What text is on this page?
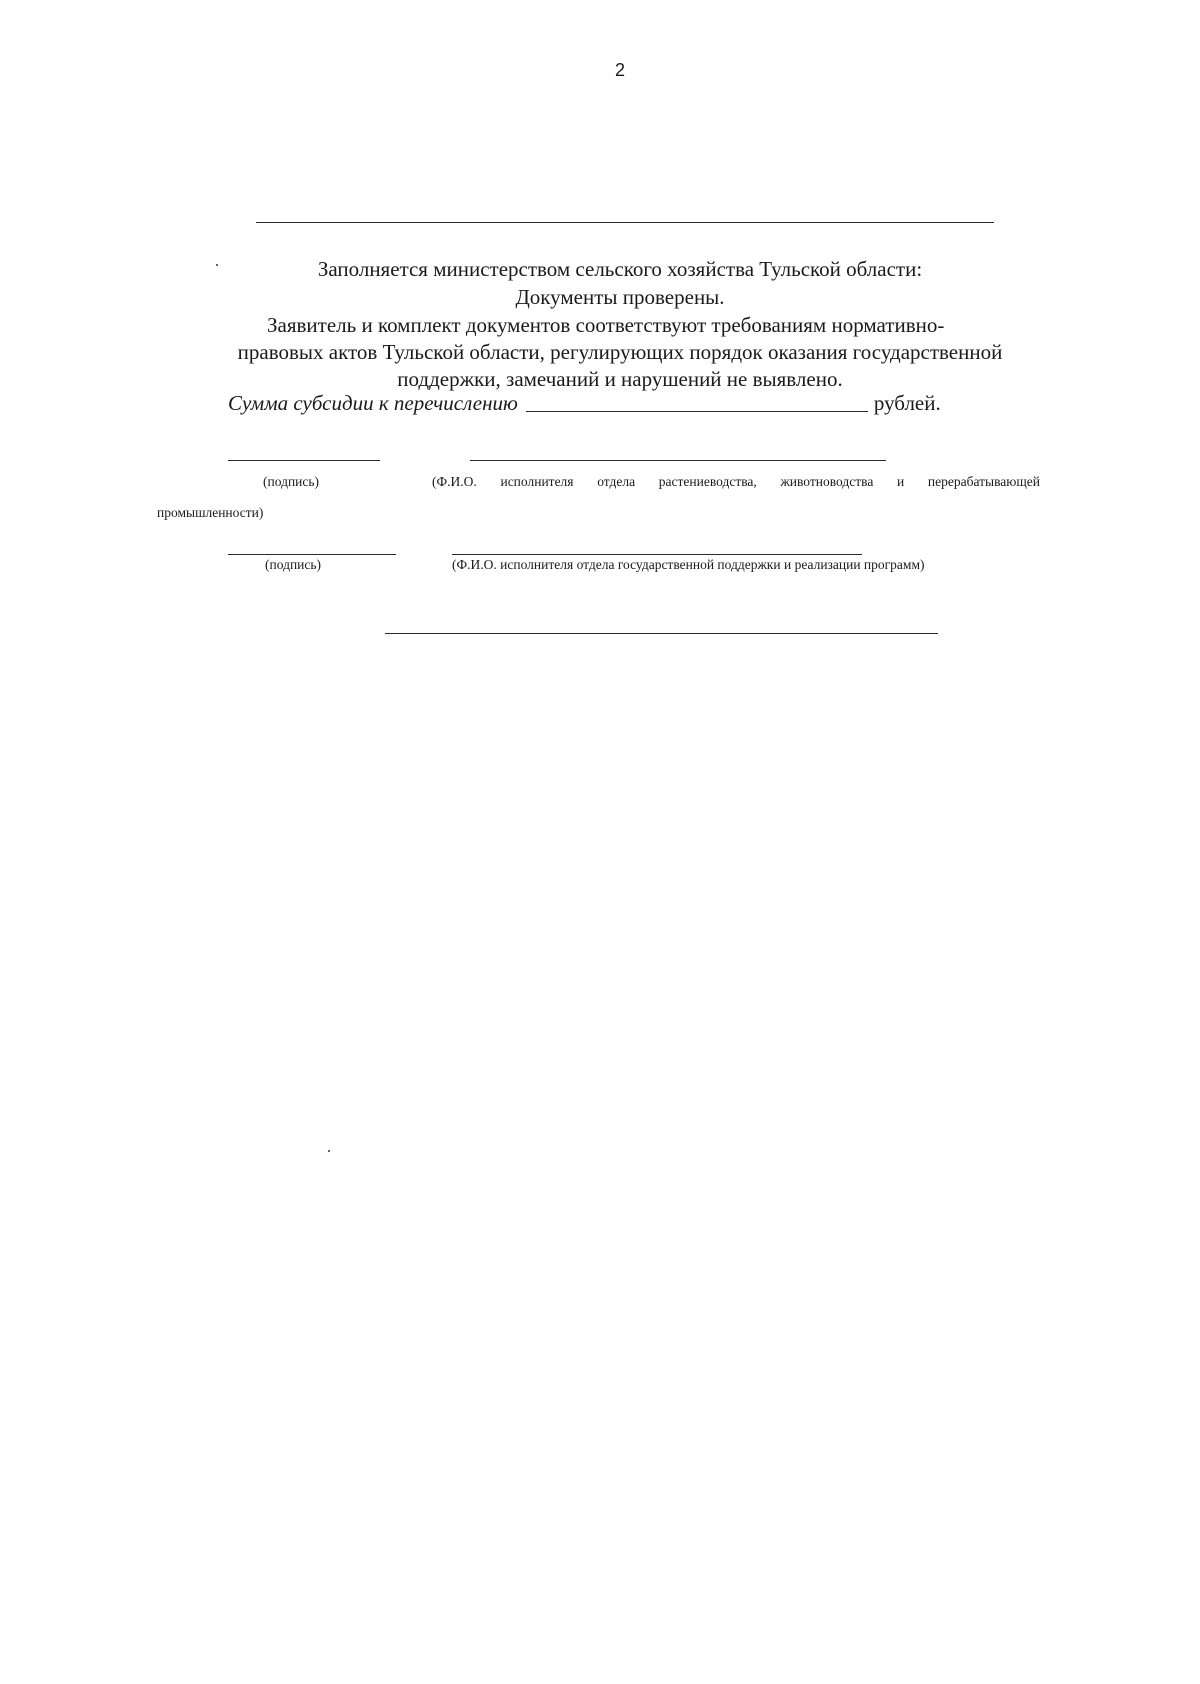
2
Заполняется министерством сельского хозяйства Тульской области:
Документы проверены.
Заявитель и комплект документов соответствуют требованиям нормативно-
правовых актов Тульской области, регулирующих порядок оказания государственной
поддержки, замечаний и нарушений не выявлено.
Сумма субсидии к перечислению	рублей.
(подпись)	(Ф.И.О. исполнителя отдела растениеводства, животноводства и перерабатывающей
промышленности)
(подпись)	(Ф.И.О. исполнителя отдела государственной поддержки и реализации программ)
